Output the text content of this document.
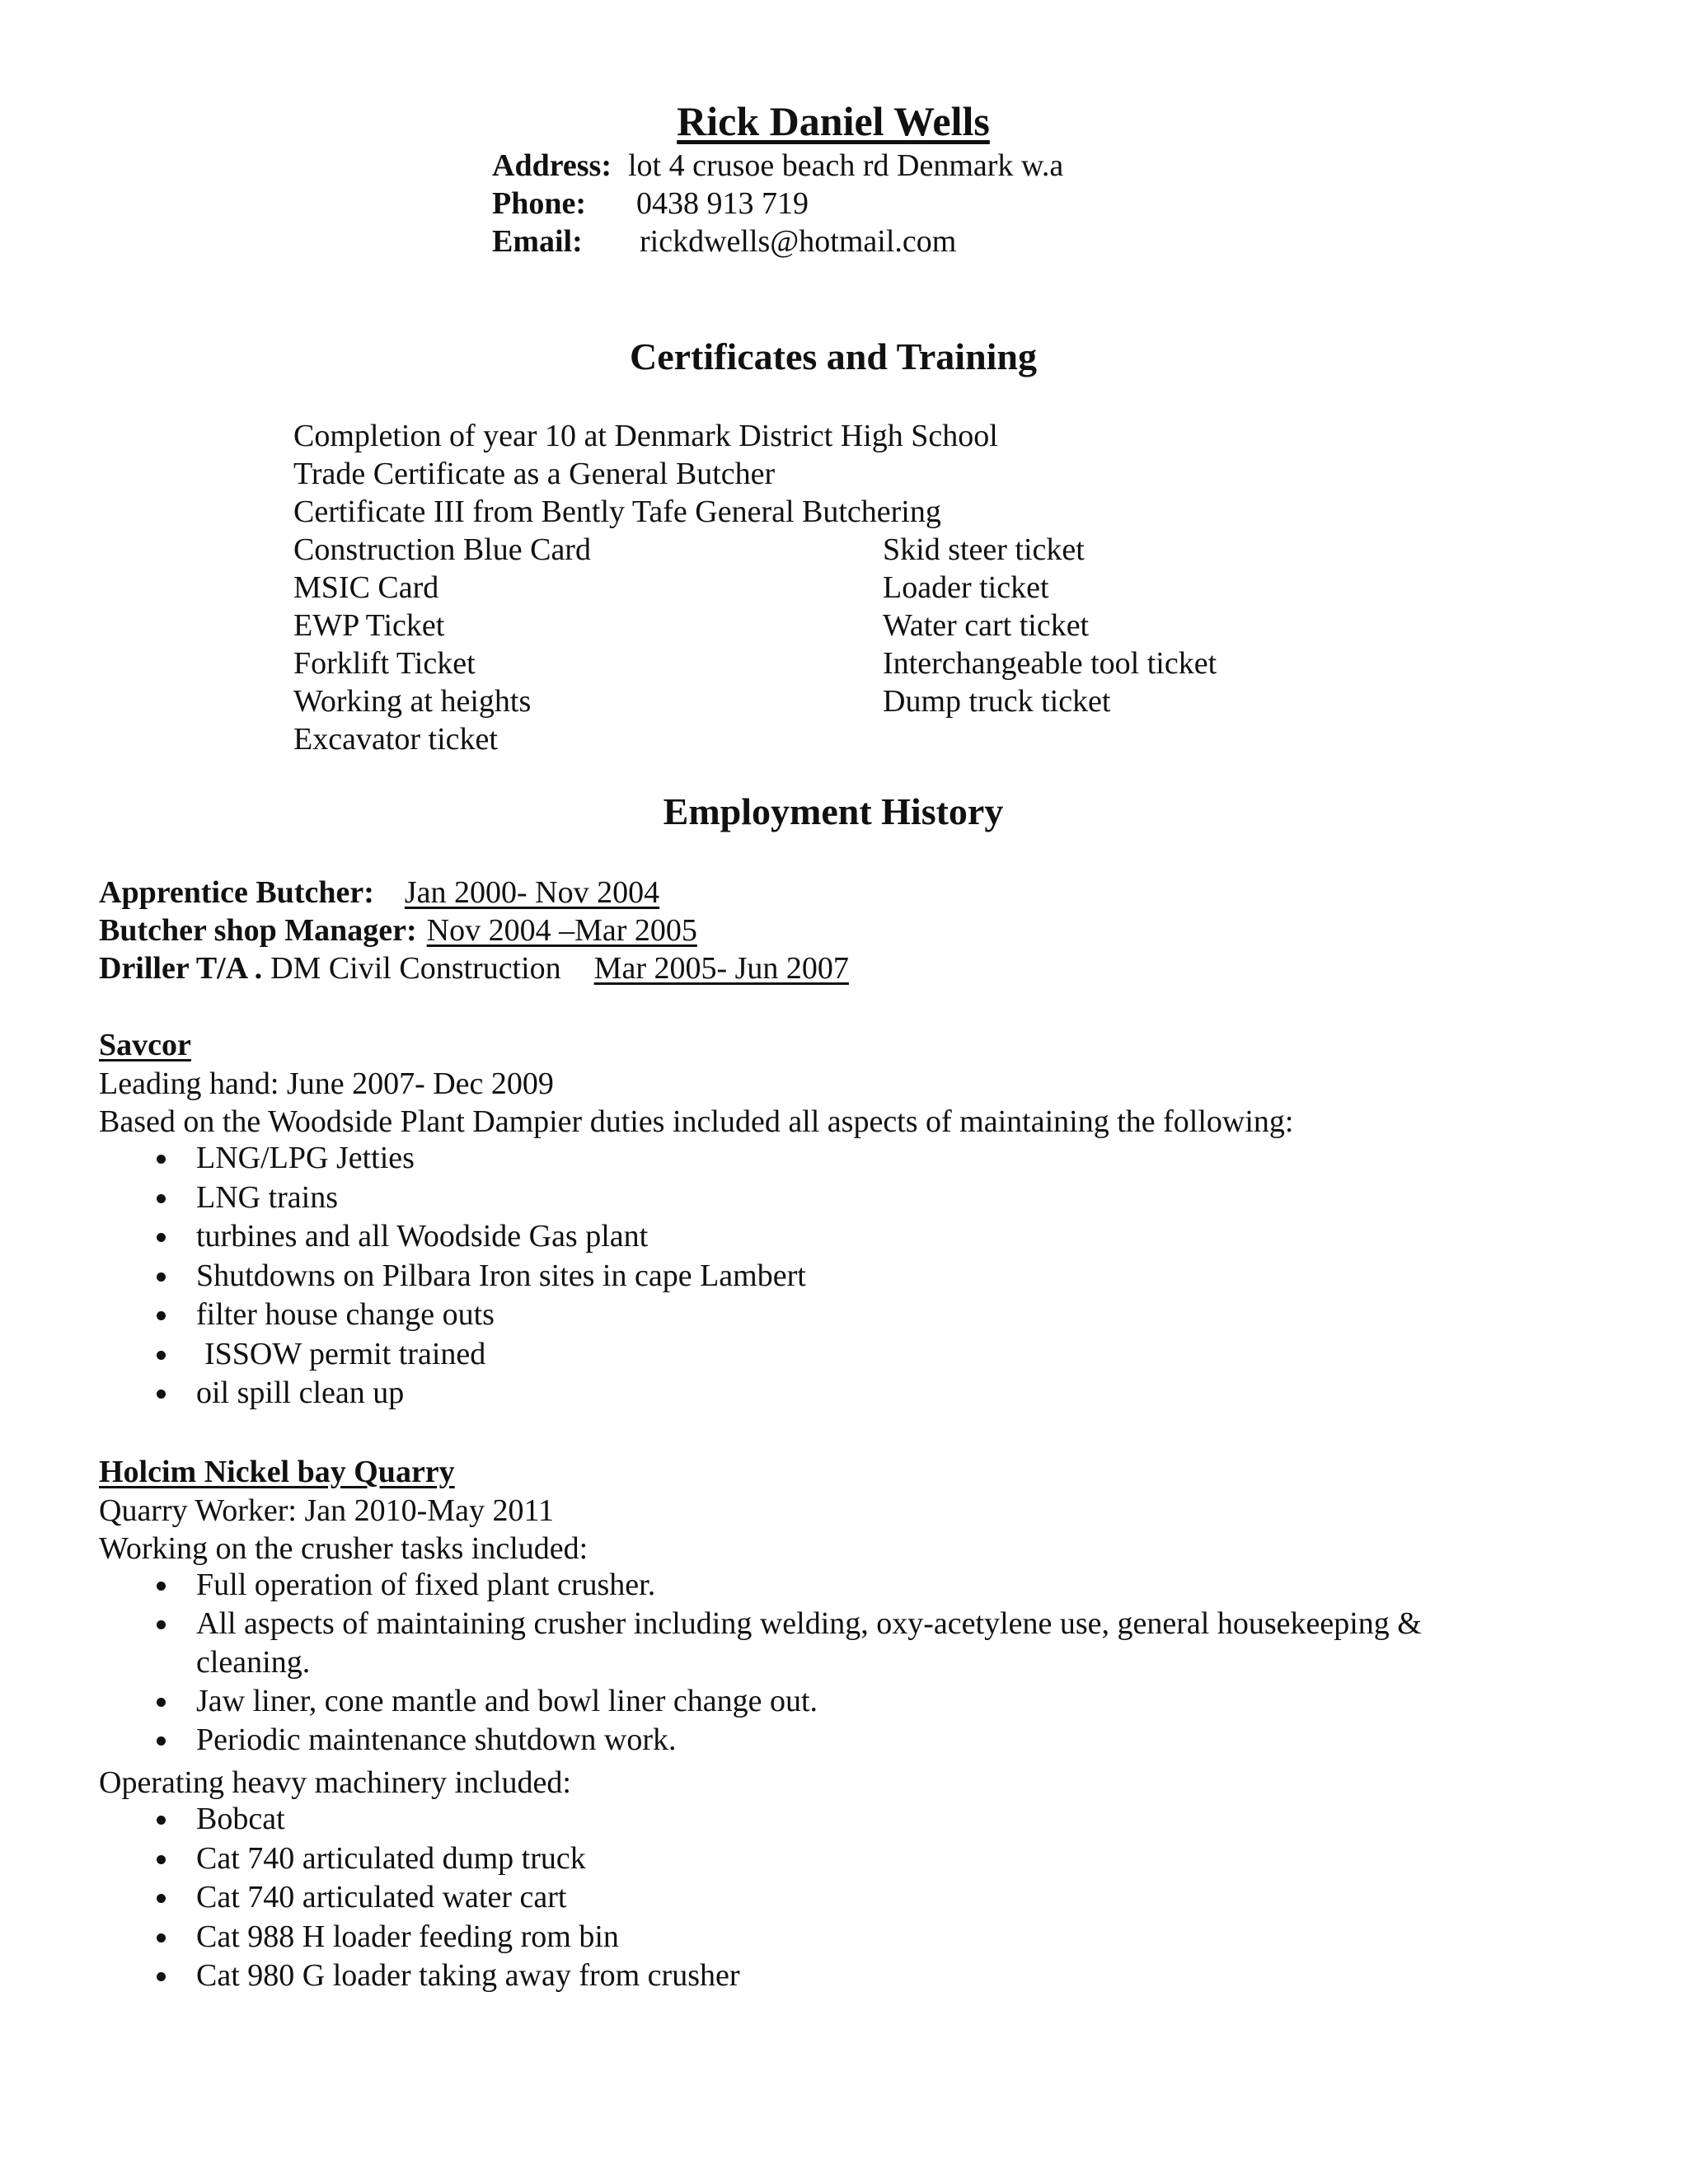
Rick Daniel Wells
Address: lot 4 crusoe beach rd Denmark w.a
Phone: 0438 913 719
Email: rickdwells@hotmail.com
Certificates and Training
Completion of year 10 at Denmark District High School
Trade Certificate as a General Butcher
Certificate III from Bently Tafe General Butchering
Construction Blue Card
MSIC Card
EWP Ticket
Forklift Ticket
Working at heights
Excavator ticket
Skid steer ticket
Loader ticket
Water cart ticket
Interchangeable tool ticket
Dump truck ticket
Employment History
Apprentice Butcher: Jan 2000- Nov 2004
Butcher shop Manager: Nov 2004 –Mar 2005
Driller T/A . DM Civil Construction Mar 2005- Jun 2007
Savcor
Leading hand: June 2007- Dec 2009
Based on the Woodside Plant Dampier duties included all aspects of maintaining the following:
LNG/LPG Jetties
LNG trains
turbines and all Woodside Gas plant
Shutdowns on Pilbara Iron sites in cape Lambert
filter house change outs
ISSOW permit trained
oil spill clean up
Holcim Nickel bay Quarry
Quarry Worker: Jan 2010-May 2011
Working on the crusher tasks included:
Full operation of fixed plant crusher.
All aspects of maintaining crusher including welding, oxy-acetylene use, general housekeeping & cleaning.
Jaw liner, cone mantle and bowl liner change out.
Periodic maintenance shutdown work.
Operating heavy machinery included:
Bobcat
Cat 740 articulated dump truck
Cat 740 articulated water cart
Cat 988 H loader feeding rom bin
Cat 980 G loader taking away from crusher
